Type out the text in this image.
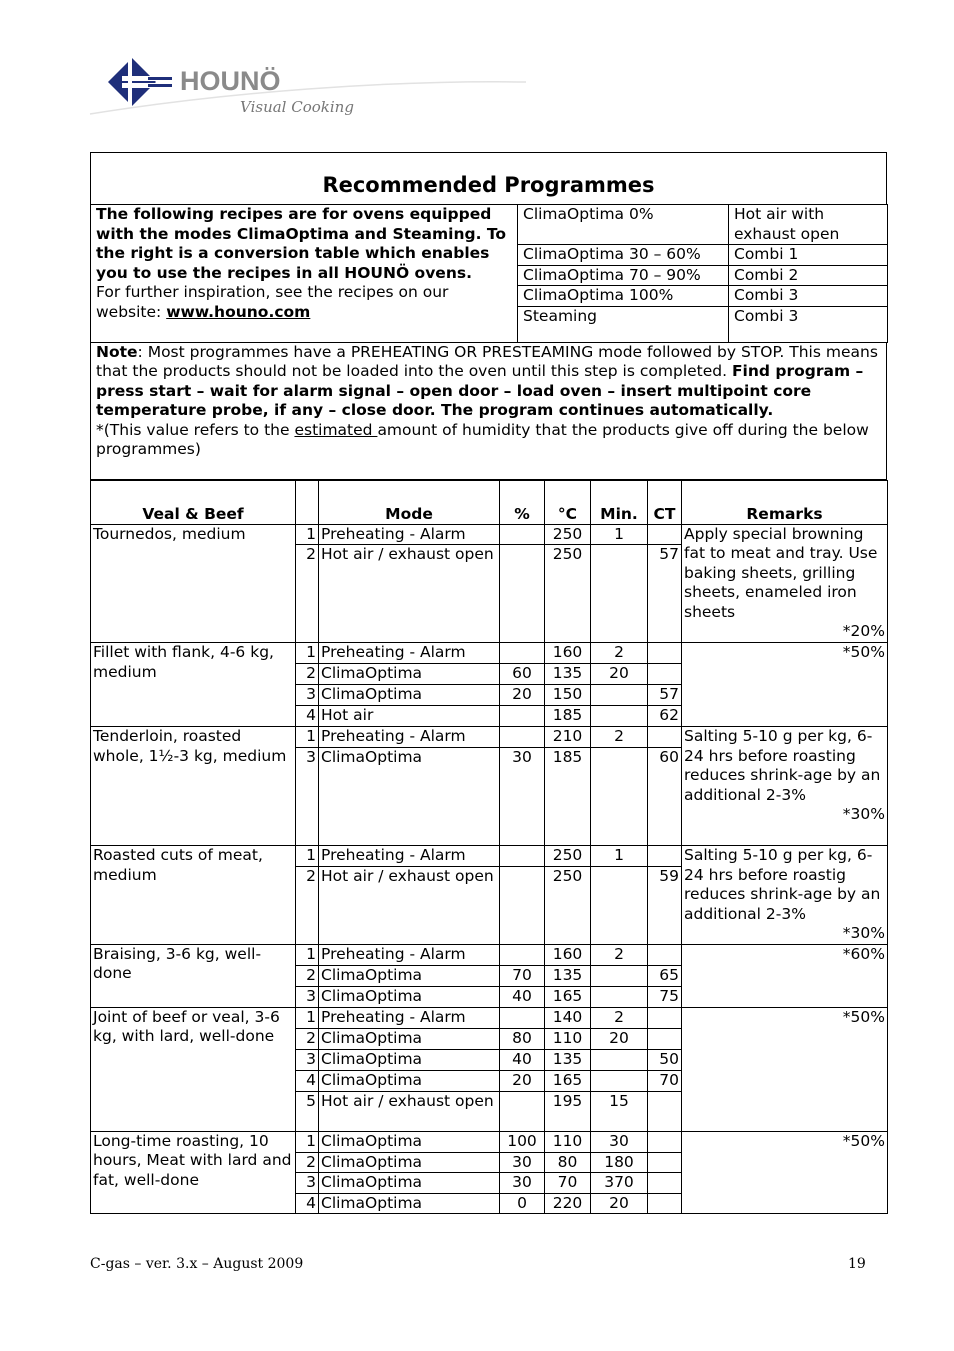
HOUNÖ
Visual Cooking
Recommended Programmes
The following recipes are for ovens equipped with the modes ClimaOptima and Steaming. To the right is a conversion table which enables you to use the recipes in all HOUNÖ ovens.
For further inspiration, see the recipes on our website: www.houno.com	ClimaOptima 0%	Hot air with exhaust open
	ClimaOptima 30 – 60%	Combi 1
	ClimaOptima 70 – 90%	Combi 2
	ClimaOptima 100%	Combi 3
	Steaming	Combi 3
Note: Most programmes have a PREHEATING OR PRESTEAMING mode followed by STOP. This means that the products should not be loaded into the oven until this step is completed. Find program – press start – wait for alarm signal – open door – load oven – insert multipoint core temperature probe, if any – close door. The program continues automatically.
*(This value refers to the estimated amount of humidity that the products give off during the below programmes)
Veal & Beef		Mode	%	°C	Min.	CT	Remarks
Tournedos, medium	1	Preheating - Alarm		250	1		Apply special browning fat to meat and tray. Use baking sheets, grilling sheets, enameled iron sheets
*20%

	2	Hot air / exhaust open		250		57	
Fillet with flank, 4-6 kg, medium	1	Preheating - Alarm		160	2		*50%

	2	ClimaOptima	60	135	20		
	3	ClimaOptima	20	150		57	
	4	Hot air		185		62	
Tenderloin, roasted whole, 1½-3 kg, medium	1	Preheating - Alarm		210	2		Salting 5-10 g per kg, 6-24 hrs before roasting reduces shrink-age by an additional 2-3%
*30%

	3	ClimaOptima	30	185		60	
Roasted cuts of meat, medium	1	Preheating - Alarm		250	1		Salting 5-10 g per kg, 6-24 hrs before roastig reduces shrink-age by an additional 2-3%
*30%

	2	Hot air / exhaust open		250		59	
Braising, 3-6 kg, well-done	1	Preheating - Alarm		160	2		*60%

	2	ClimaOptima	70	135		65	
	3	ClimaOptima	40	165		75	
Joint of beef or veal, 3-6 kg, with lard, well-done	1	Preheating - Alarm		140	2		*50%

	2	ClimaOptima	80	110	20		
	3	ClimaOptima	40	135		50	
	4	ClimaOptima	20	165		70	
	5	Hot air / exhaust open		195	15		
Long-time roasting, 10 hours, Meat with lard and fat, well-done	1	ClimaOptima	100	110	30		*50%

	2	ClimaOptima	30	80	180		
	3	ClimaOptima	30	70	370		
	4	ClimaOptima	0	220	20		
C-gas – ver. 3.x – August 2009	19
